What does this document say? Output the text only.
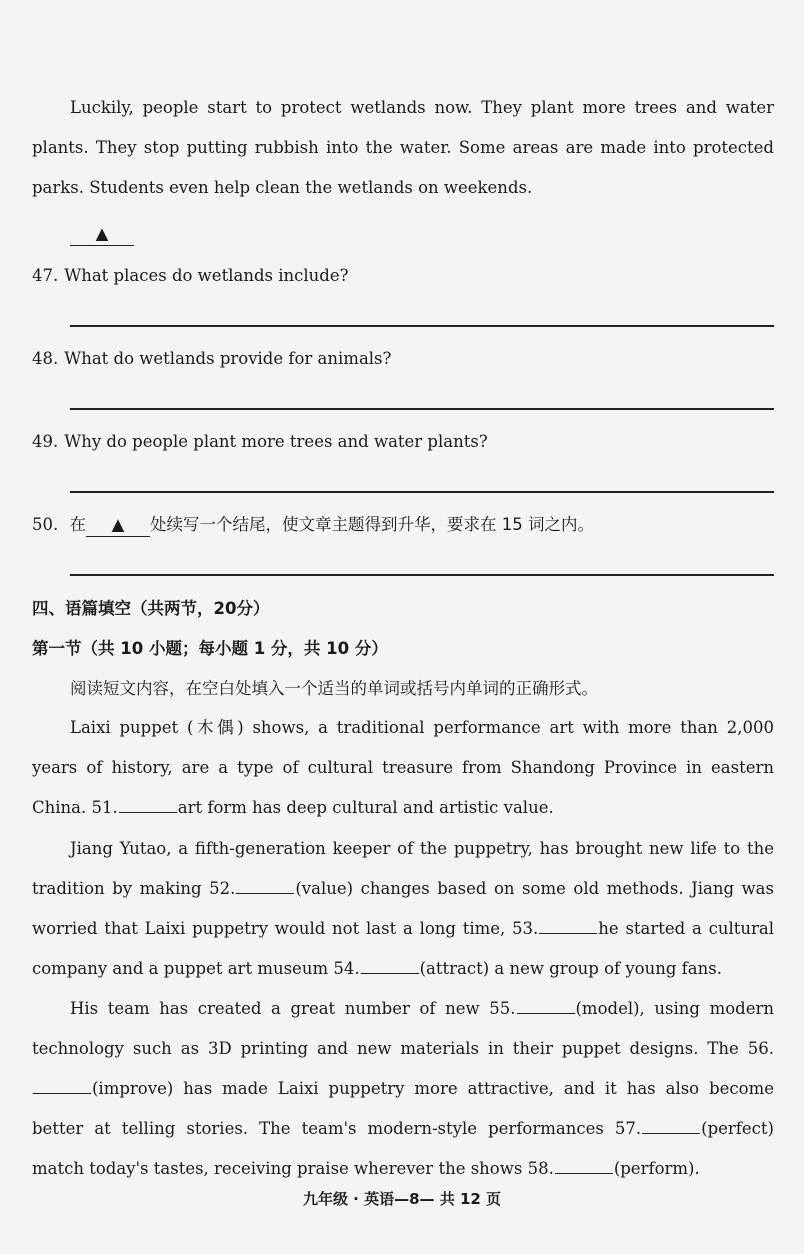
Luckily, people start to protect wetlands now. They plant more trees and water plants. They stop putting rubbish into the water. Some areas are made into protected parks. Students even help clean the wetlands on weekends.

▲
47. What places do wetlands include?
48. What do wetlands provide for animals?
49. Why do people plant more trees and water plants?
50. 在 ▲ 处续写一个结尾，使文章主题得到升华，要求在 15 词之内。
四、语篇填空（共两节，20分）
第一节（共 10 小题；每小题 1 分，共 10 分）
阅读短文内容，在空白处填入一个适当的单词或括号内单词的正确形式。

Laixi puppet (木偶) shows, a traditional performance art with more than 2,000 years of history, are a type of cultural treasure from Shandong Province in eastern China. 51.	art form has deep cultural and artistic value.

Jiang Yutao, a fifth-generation keeper of the puppetry, has brought new life to the tradition by making 52.	(value) changes based on some old methods. Jiang was worried that Laixi puppetry would not last a long time, 53.	he started a cultural company and a puppet art museum 54.	(attract) a new group of young fans.

His team has created a great number of new 55.	(model), using modern technology such as 3D printing and new materials in their puppet designs. The 56.(improve) has made Laixi puppetry more attractive, and it has also become better at telling stories. The team's modern-style performances 57.	(perfect) match today's tastes, receiving praise wherever the shows 58.	(perform).

九年级 · 英语—8— 共 12 页
